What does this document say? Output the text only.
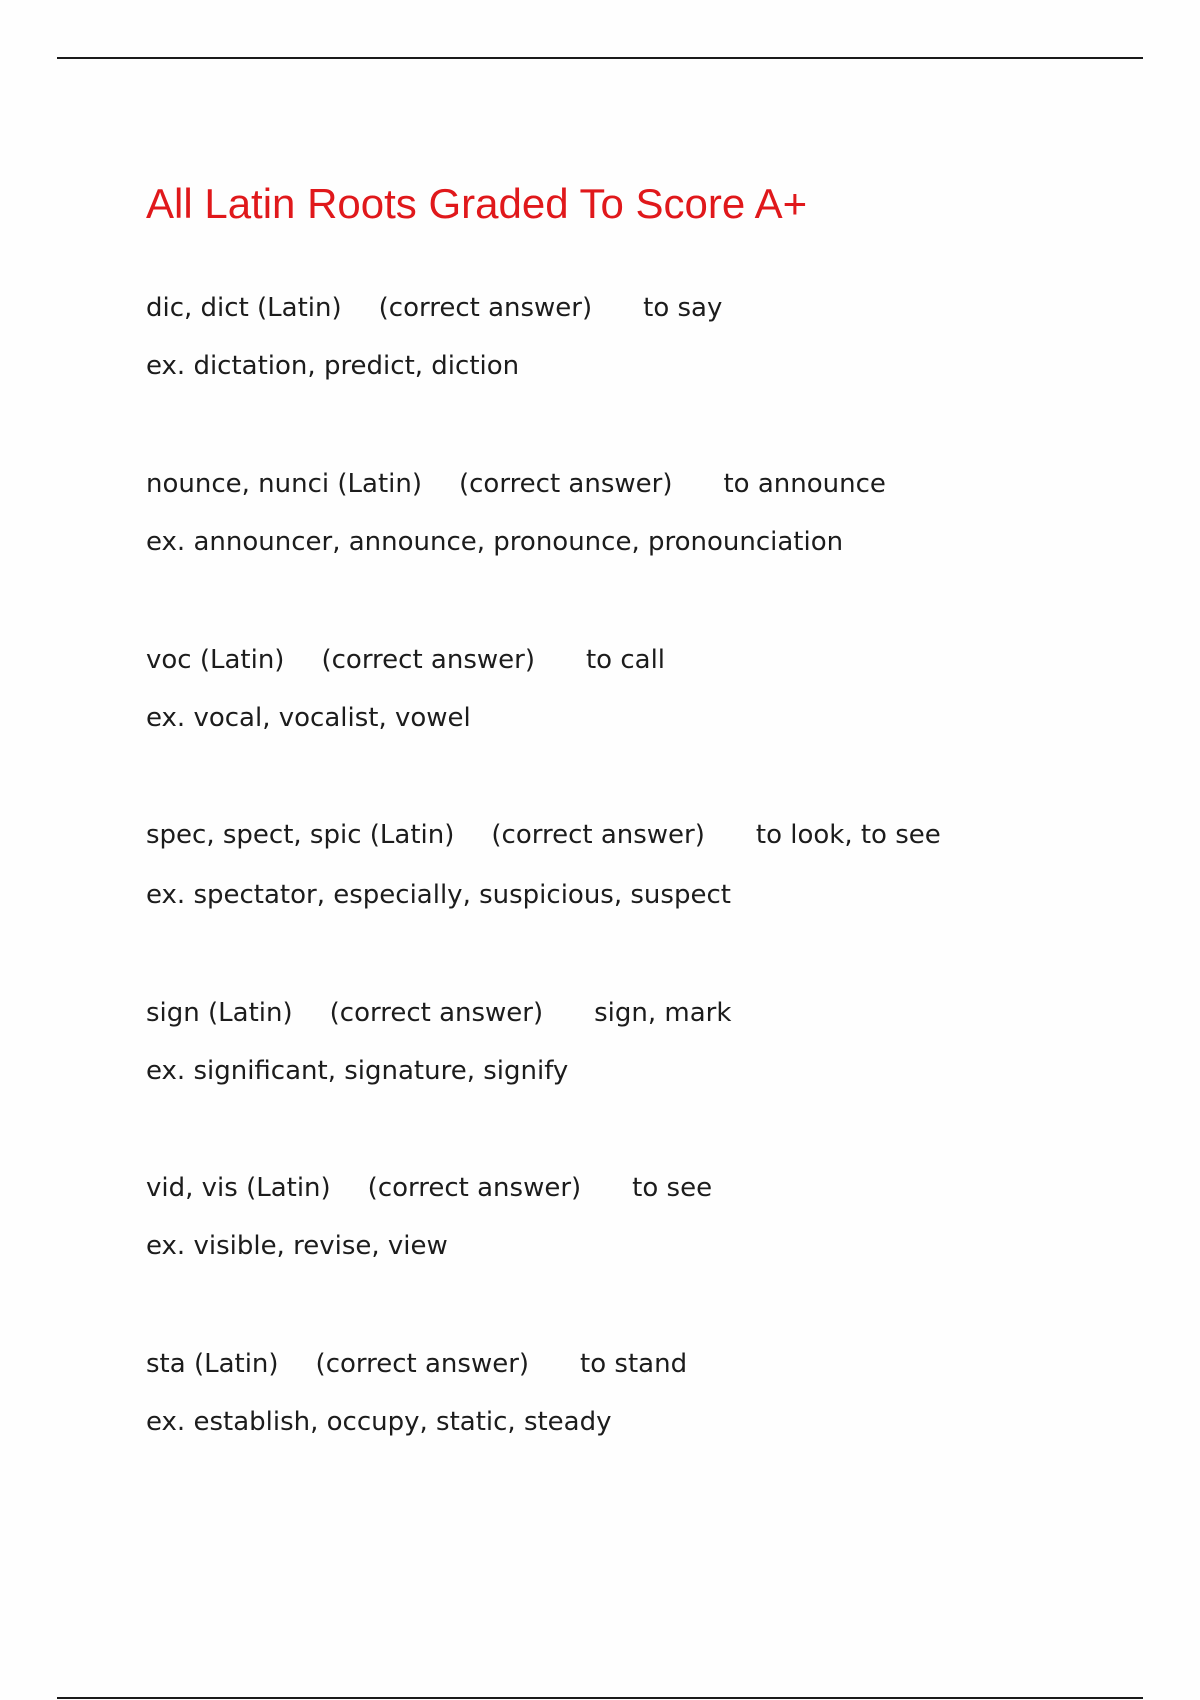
All Latin Roots Graded To Score A+
dic, dict (Latin) (correct answer) to say
ex. dictation, predict, diction
nounce, nunci (Latin) (correct answer) to announce
ex. announcer, announce, pronounce, pronounciation
voc (Latin) (correct answer) to call
ex. vocal, vocalist, vowel
spec, spect, spic (Latin) (correct answer) to look, to see
ex. spectator, especially, suspicious, suspect
sign (Latin) (correct answer) sign, mark
ex. significant, signature, signify
vid, vis (Latin) (correct answer) to see
ex. visible, revise, view
sta (Latin) (correct answer) to stand
ex. establish, occupy, static, steady
